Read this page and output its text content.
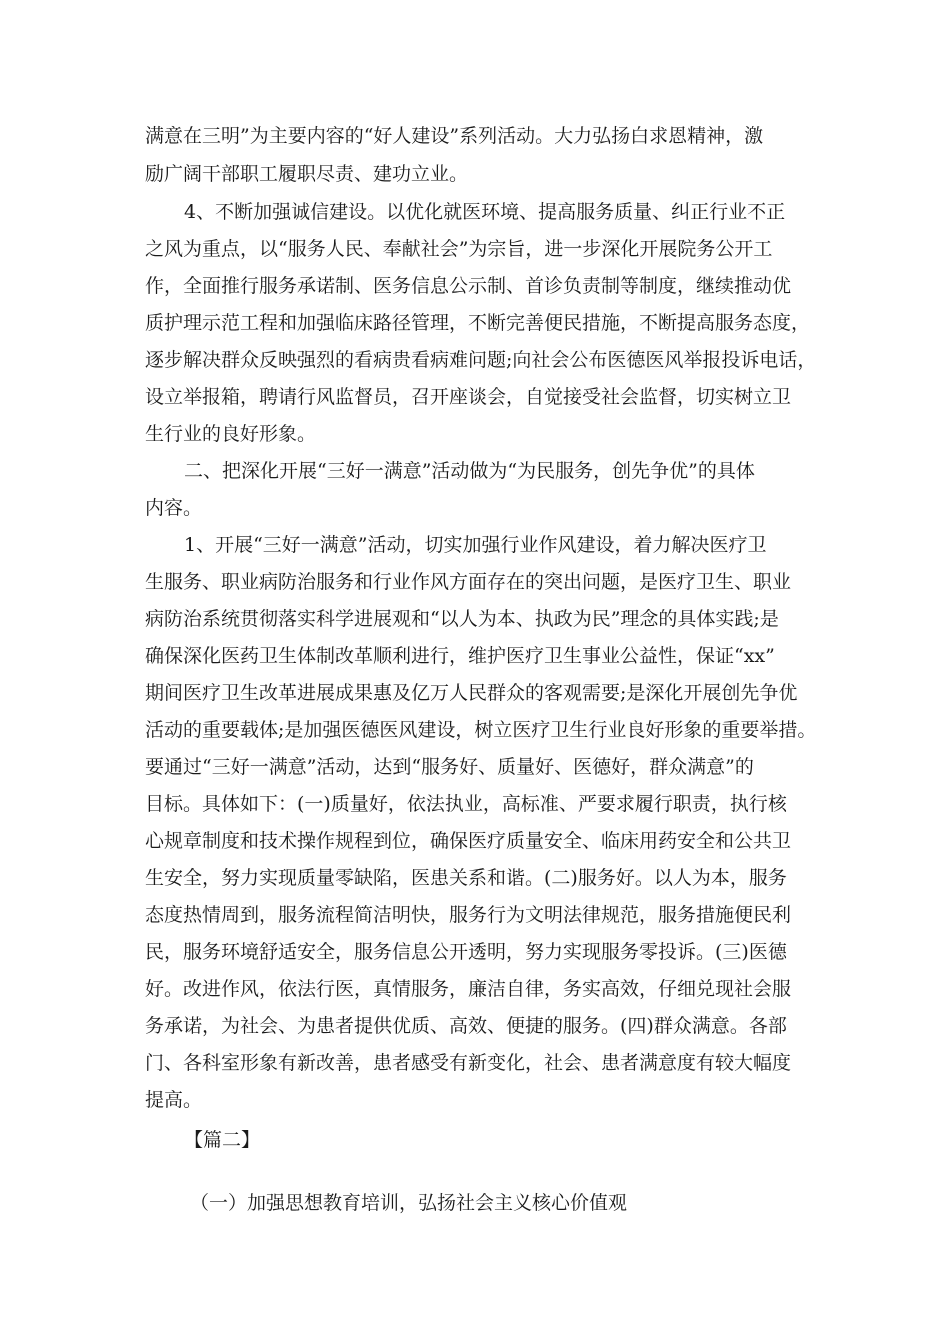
满意在三明”为主要内容的“好人建设”系列活动。大力弘扬白求恩精神，激
励广阔干部职工履职尽责、建功立业。
4、不断加强诚信建设。以优化就医环境、提高服务质量、纠正行业不正
之风为重点，以“服务人民、奉献社会”为宗旨，进一步深化开展院务公开工
作，全面推行服务承诺制、医务信息公示制、首诊负责制等制度，继续推动优
质护理示范工程和加强临床路径管理，不断完善便民措施，不断提高服务态度，
逐步解决群众反映强烈的看病贵看病难问题;向社会公布医德医风举报投诉电话，
设立举报箱，聘请行风监督员，召开座谈会，自觉接受社会监督，切实树立卫
生行业的良好形象。
二、把深化开展“三好一满意”活动做为“为民服务，创先争优”的具体
内容。
1、开展“三好一满意”活动，切实加强行业作风建设，着力解决医疗卫
生服务、职业病防治服务和行业作风方面存在的突出问题，是医疗卫生、职业
病防治系统贯彻落实科学进展观和“以人为本、执政为民”理念的具体实践;是
确保深化医药卫生体制改革顺利进行，维护医疗卫生事业公益性，保证“xx”
期间医疗卫生改革进展成果惠及亿万人民群众的客观需要;是深化开展创先争优
活动的重要载体;是加强医德医风建设，树立医疗卫生行业良好形象的重要举措。
要通过“三好一满意”活动，达到“服务好、质量好、医德好，群众满意”的
目标。具体如下：(一)质量好，依法执业，高标准、严要求履行职责，执行核
心规章制度和技术操作规程到位，确保医疗质量安全、临床用药安全和公共卫
生安全，努力实现质量零缺陷，医患关系和谐。(二)服务好。以人为本，服务
态度热情周到，服务流程简洁明快，服务行为文明法律规范，服务措施便民利
民，服务环境舒适安全，服务信息公开透明，努力实现服务零投诉。(三)医德
好。改进作风，依法行医，真情服务，廉洁自律，务实高效，仔细兑现社会服
务承诺，为社会、为患者提供优质、高效、便捷的服务。(四)群众满意。各部
门、各科室形象有新改善，患者感受有新变化，社会、患者满意度有较大幅度
提高。
【篇二】
（一）加强思想教育培训，弘扬社会主义核心价值观
